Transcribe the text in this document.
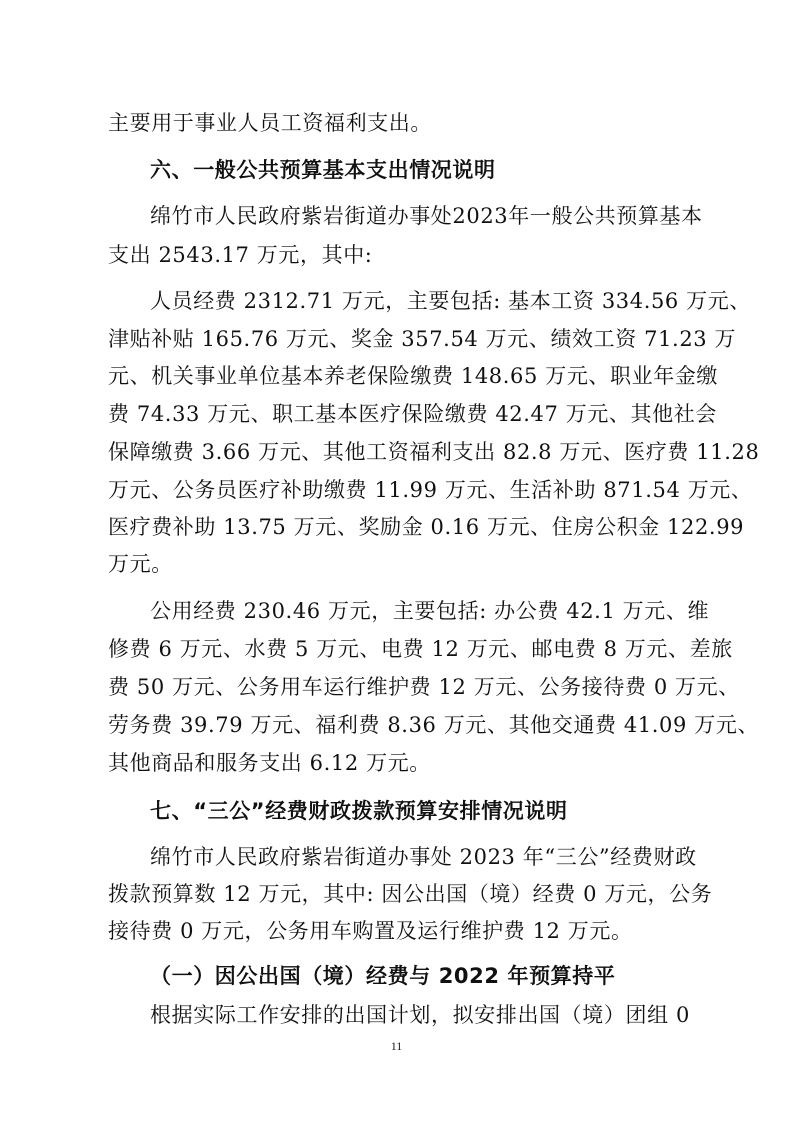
主要用于事业人员工资福利支出。
六、一般公共预算基本支出情况说明
绵竹市人民政府紫岩街道办事处2023年一般公共预算基本
支出 2543.17 万元，其中:
人员经费 2312.71 万元，主要包括: 基本工资 334.56 万元、
津贴补贴 165.76 万元、奖金 357.54 万元、绩效工资 71.23 万
元、机关事业单位基本养老保险缴费 148.65 万元、职业年金缴
费 74.33 万元、职工基本医疗保险缴费 42.47 万元、其他社会
保障缴费 3.66 万元、其他工资福利支出 82.8 万元、医疗费 11.28
万元、公务员医疗补助缴费 11.99 万元、生活补助 871.54 万元、
医疗费补助 13.75 万元、奖励金 0.16 万元、住房公积金 122.99
万元。
公用经费 230.46 万元，主要包括: 办公费 42.1 万元、维
修费 6 万元、水费 5 万元、电费 12 万元、邮电费 8 万元、差旅
费 50 万元、公务用车运行维护费 12 万元、公务接待费 0 万元、
劳务费 39.79 万元、福利费 8.36 万元、其他交通费 41.09 万元、
其他商品和服务支出 6.12 万元。
七、“三公”经费财政拨款预算安排情况说明
绵竹市人民政府紫岩街道办事处 2023 年“三公”经费财政
拨款预算数 12 万元，其中: 因公出国（境）经费 0 万元，公务
接待费 0 万元，公务用车购置及运行维护费 12 万元。
（一）因公出国（境）经费与 2022 年预算持平
根据实际工作安排的出国计划，拟安排出国（境）团组 0
11
